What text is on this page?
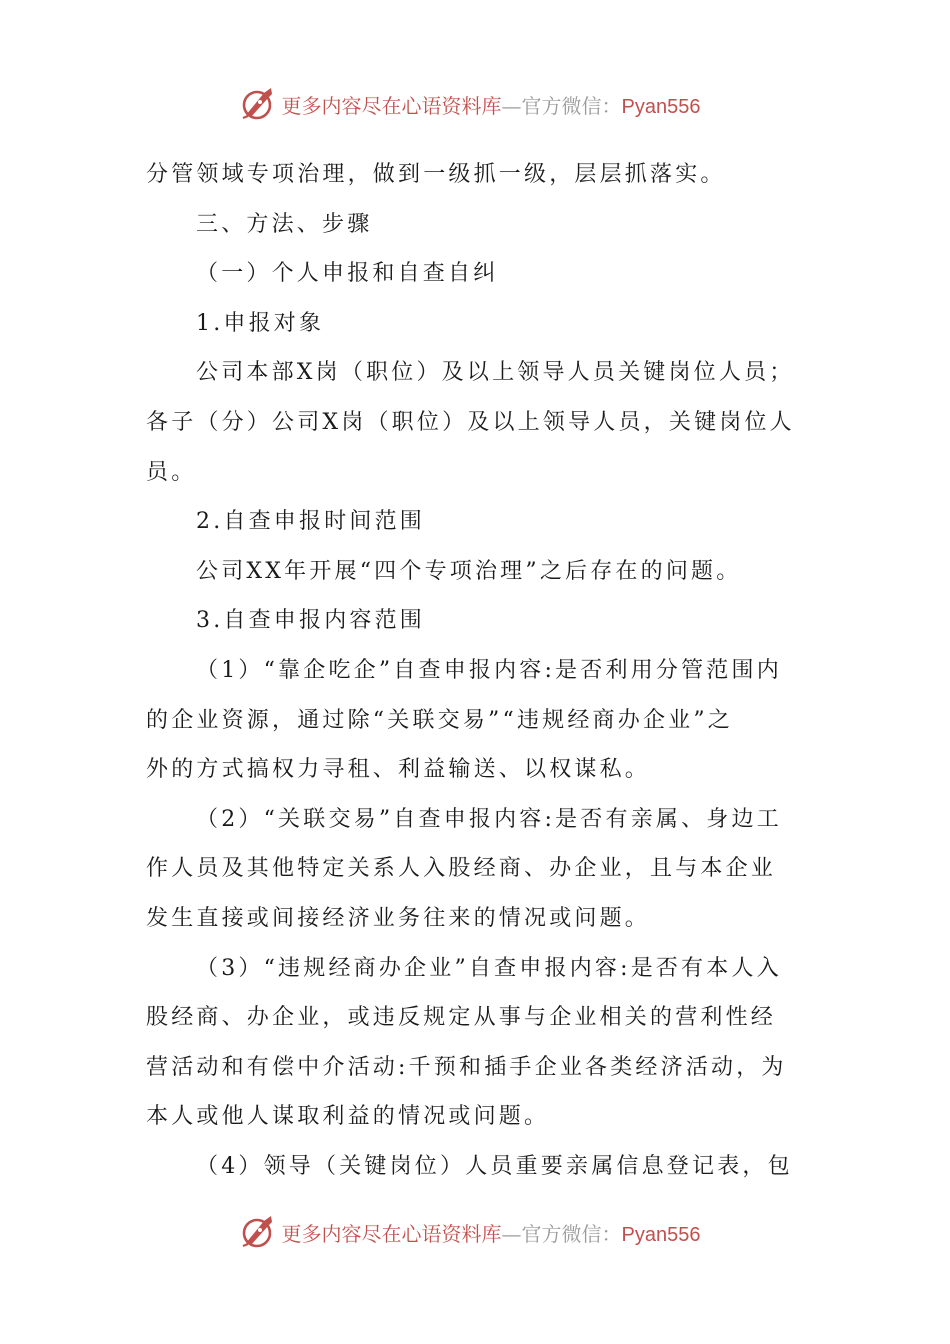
更多内容尽在心语资料库—官方微信：Pyan556
分管领域专项治理，做到一级抓一级，层层抓落实。
三、方法、步骤
（一）个人申报和自查自纠
1.申报对象
公司本部X岗（职位）及以上领导人员关键岗位人员；
各子（分）公司X岗（职位）及以上领导人员，关键岗位人
员。
2.自查申报时间范围
公司XX年开展“四个专项治理”之后存在的问题。
3.自查申报内容范围
（1）“靠企吃企”自查申报内容:是否利用分管范围内
的企业资源，通过除“关联交易”“违规经商办企业”之
外的方式搞权力寻租、利益输送、以权谋私。
（2）“关联交易”自查申报内容:是否有亲属、身边工
作人员及其他特定关系人入股经商、办企业，且与本企业
发生直接或间接经济业务往来的情况或问题。
（3）“违规经商办企业”自查申报内容:是否有本人入
股经商、办企业，或违反规定从事与企业相关的营利性经
营活动和有偿中介活动:千预和插手企业各类经济活动，为
本人或他人谋取利益的情况或问题。
（4）领导（关键岗位）人员重要亲属信息登记表，包
更多内容尽在心语资料库—官方微信：Pyan556
